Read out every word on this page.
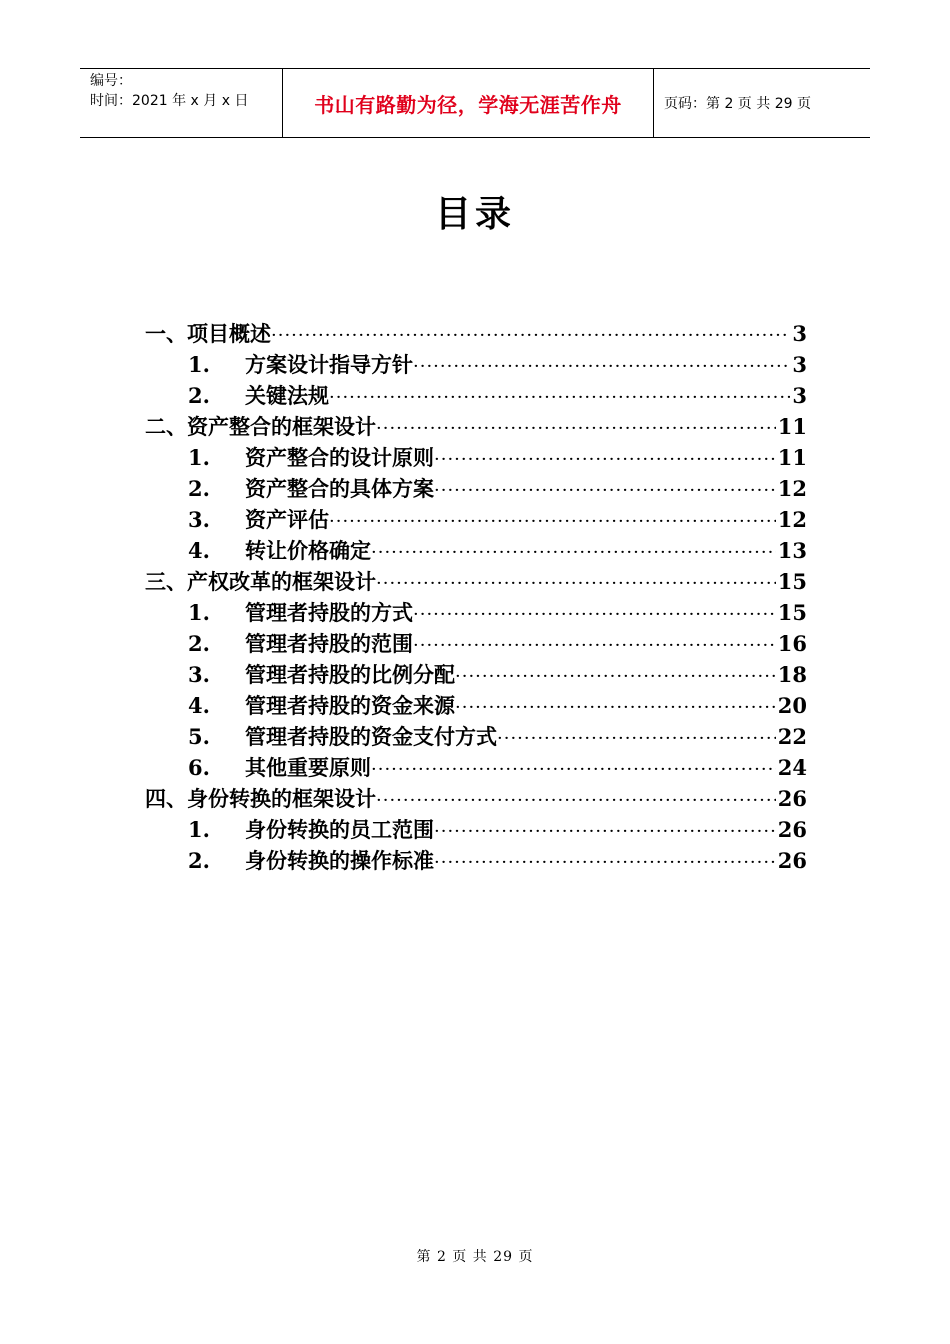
编号：
时间：2021 年 x 月 x 日	书山有路勤为径，学海无涯苦作舟	页码：第 2 页 共 29 页
目录
一、项目概述 ·····	3
1.	方案设计指导方针 ·····	3
2.	关键法规 ·····	3
二、资产整合的框架设计 ·····	11
1.	资产整合的设计原则 ·····	11
2.	资产整合的具体方案 ·····	12
3.	资产评估 ·····	12
4.	转让价格确定 ·····	13
三、产权改革的框架设计 ·····	15
1.	管理者持股的方式 ·····	15
2.	管理者持股的范围 ·····	16
3.	管理者持股的比例分配 ·····	18
4.	管理者持股的资金来源 ·····	20
5.	管理者持股的资金支付方式 ·····	22
6.	其他重要原则 ·····	24
四、身份转换的框架设计 ·····	26
1.	身份转换的员工范围 ·····	26
2.	身份转换的操作标准 ·····	26
第 2 页 共 29 页
